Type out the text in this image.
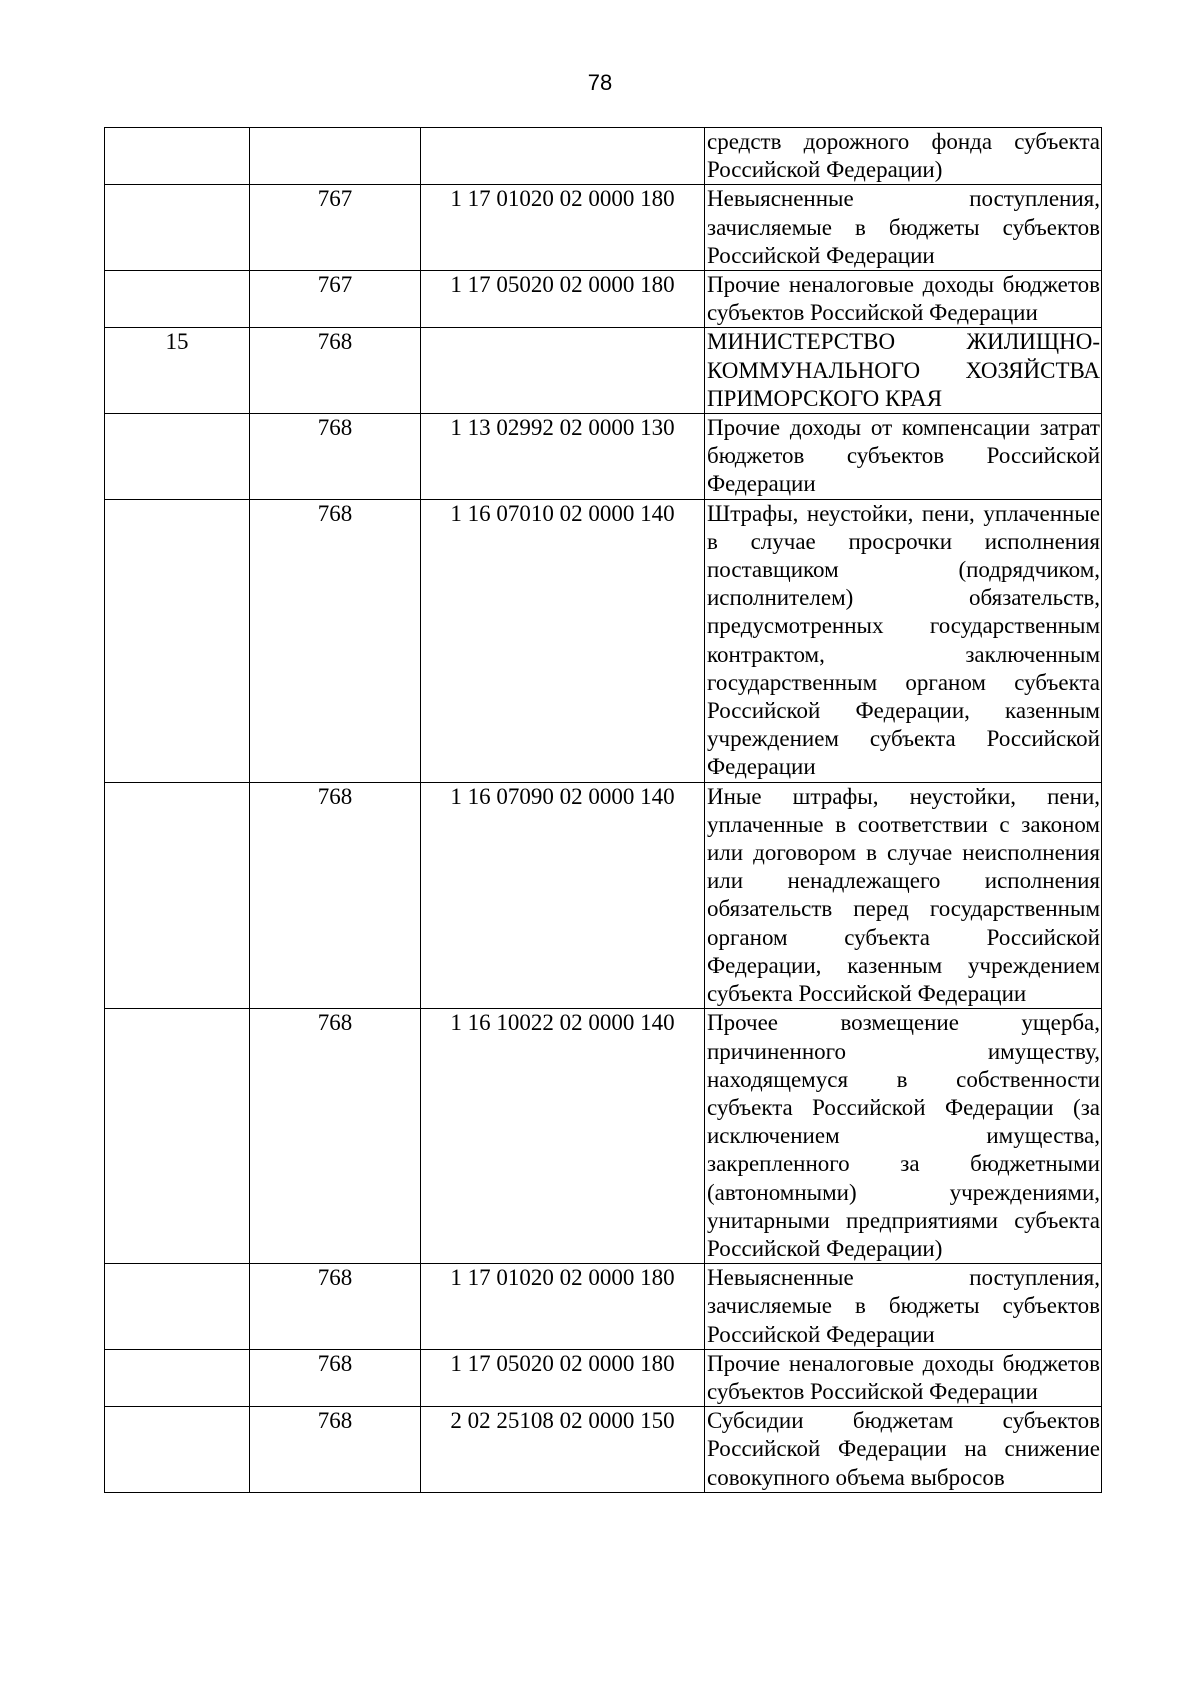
78
			средств дорожного фонда субъекта Российской Федерации)
	767	1 17 01020 02 0000 180	Невыясненные поступления, зачисляемые в бюджеты субъектов Российской Федерации
	767	1 17 05020 02 0000 180	Прочие неналоговые доходы бюджетов субъектов Российской Федерации
15	768		МИНИСТЕРСТВО ЖИЛИЩНО-КОММУНАЛЬНОГО ХОЗЯЙСТВА ПРИМОРСКОГО КРАЯ
	768	1 13 02992 02 0000 130	Прочие доходы от компенсации затрат бюджетов субъектов Российской Федерации
	768	1 16 07010 02 0000 140	Штрафы, неустойки, пени, уплаченные в случае просрочки исполнения поставщиком (подрядчиком, исполнителем) обязательств, предусмотренных государственным контрактом, заключенным государственным органом субъекта Российской Федерации, казенным учреждением субъекта Российской Федерации
	768	1 16 07090 02 0000 140	Иные штрафы, неустойки, пени, уплаченные в соответствии с законом или договором в случае неисполнения или ненадлежащего исполнения обязательств перед государственным органом субъекта Российской Федерации, казенным учреждением субъекта Российской Федерации
	768	1 16 10022 02 0000 140	Прочее возмещение ущерба, причиненного имуществу, находящемуся в собственности субъекта Российской Федерации (за исключением имущества, закрепленного за бюджетными (автономными) учреждениями, унитарными предприятиями субъекта Российской Федерации)
	768	1 17 01020 02 0000 180	Невыясненные поступления, зачисляемые в бюджеты субъектов Российской Федерации
	768	1 17 05020 02 0000 180	Прочие неналоговые доходы бюджетов субъектов Российской Федерации
	768	2 02 25108 02 0000 150	Субсидии бюджетам субъектов Российской Федерации на снижение совокупного объема выбросов
